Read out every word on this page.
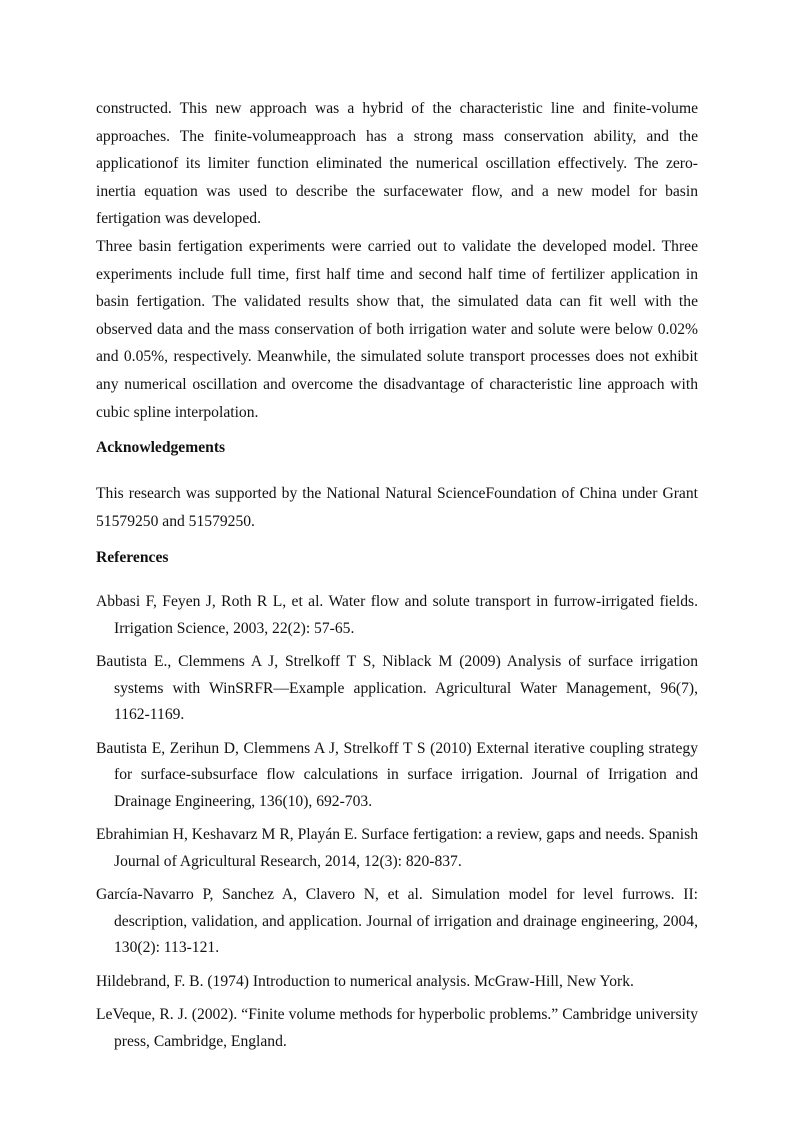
constructed. This new approach was a hybrid of the characteristic line and finite-volume approaches. The finite-volumeapproach has a strong mass conservation ability, and the applicationof its limiter function eliminated the numerical oscillation effectively. The zero-inertia equation was used to describe the surfacewater flow, and a new model for basin fertigation was developed.

Three basin fertigation experiments were carried out to validate the developed model. Three experiments include full time, first half time and second half time of fertilizer application in basin fertigation. The validated results show that, the simulated data can fit well with the observed data and the mass conservation of both irrigation water and solute were below 0.02% and 0.05%, respectively. Meanwhile, the simulated solute transport processes does not exhibit any numerical oscillation and overcome the disadvantage of characteristic line approach with cubic spline interpolation.

Acknowledgements

This research was supported by the National Natural ScienceFoundation of China under Grant 51579250 and 51579250.

References

Abbasi F, Feyen J, Roth R L, et al. Water flow and solute transport in furrow-irrigated fields. Irrigation Science, 2003, 22(2): 57-65.

Bautista E., Clemmens A J, Strelkoff T S, Niblack M (2009) Analysis of surface irrigation systems with WinSRFR—Example application. Agricultural Water Management, 96(7), 1162-1169.

Bautista E, Zerihun D, Clemmens A J, Strelkoff T S (2010) External iterative coupling strategy for surface-subsurface flow calculations in surface irrigation. Journal of Irrigation and Drainage Engineering, 136(10), 692-703.

Ebrahimian H, Keshavarz M R, Playán E. Surface fertigation: a review, gaps and needs. Spanish Journal of Agricultural Research, 2014, 12(3): 820-837.

García-Navarro P, Sanchez A, Clavero N, et al. Simulation model for level furrows. II: description, validation, and application. Journal of irrigation and drainage engineering, 2004, 130(2): 113-121.

Hildebrand, F. B. (1974) Introduction to numerical analysis. McGraw-Hill, New York.

LeVeque, R. J. (2002). “Finite volume methods for hyperbolic problems.” Cambridge university press, Cambridge, England.
